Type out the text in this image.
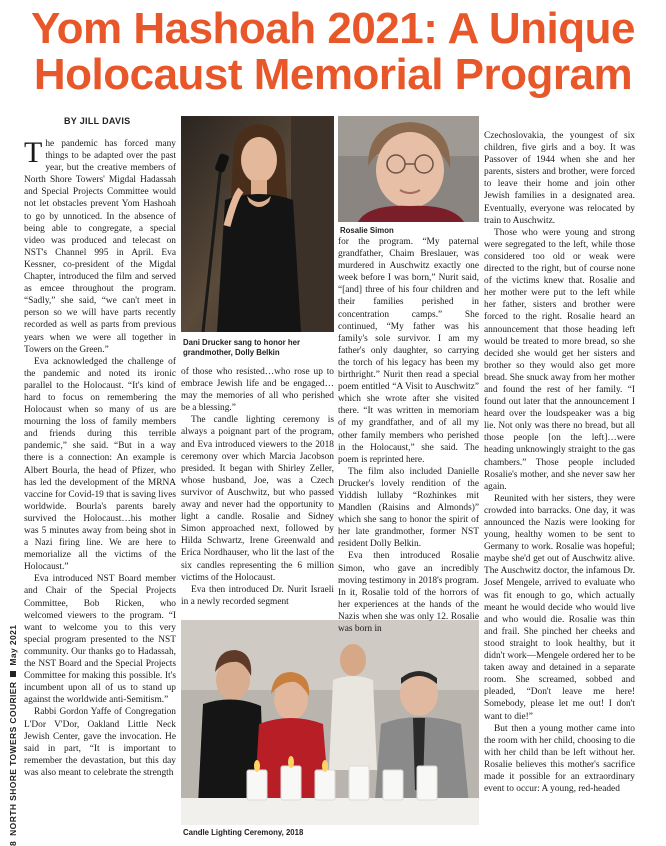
Yom Hashoah 2021: A Unique
Holocaust Memorial Program
BY JILL DAVIS
8
NORTH SHORE TOWERS COURIER
May 2021
Dani Drucker sang to honor her grandmother, Dolly Belkin
Rosalie Simon
Candle Lighting Ceremony, 2018

The pandemic has forced many things to be adapted over the past year, but the creative members of North Shore Towers' Migdal Hadassah and Special Projects Committee would not let obstacles prevent Yom Hashoah to go by unnoticed. In the absence of being able to congregate, a special video was produced and telecast on NST's Channel 995 in April. Eva Kessner, co-president of the Migdal Chapter, introduced the film and served as emcee throughout the program. “Sadly,” she said, “we can't meet in person so we will have parts recently recorded as well as parts from previous years when we were all together in Towers on the Green.”

Eva acknowledged the challenge of the pandemic and noted its ironic parallel to the Holocaust. “It's kind of hard to focus on remembering the Holocaust when so many of us are mourning the loss of family members and friends during this terrible pandemic,” she said. “But in a way there is a connection: An example is Albert Bourla, the head of Pfizer, who has led the development of the MRNA vaccine for Covid-19 that is saving lives worldwide. Bourla's parents barely survived the Holocaust…his mother was 5 minutes away from being shot in a Nazi firing line. We are here to memorialize all the victims of the Holocaust.”

Eva introduced NST Board member and Chair of the Special Projects Committee, Bob Ricken, who welcomed viewers to the program. “I want to welcome you to this very special program presented to the NST community. Our thanks go to Hadassah, the NST Board and the Special Projects Committee for making this possible. It's incumbent upon all of us to stand up against the worldwide anti-Semitism.”

Rabbi Gordon Yaffe of Congregation L'Dor V'Dor, Oakland Little Neck Jewish Center, gave the invocation. He said in part, “It is important to remember the devastation, but this day was also meant to celebrate the strength

of those who resisted…who rose up to embrace Jewish life and be engaged…may the memories of all who perished be a blessing.”

The candle lighting ceremony is always a poignant part of the program, and Eva introduced viewers to the 2018 ceremony over which Marcia Jacobson presided. It began with Shirley Zeller, whose husband, Joe, was a Czech survivor of Auschwitz, but who passed away and never had the opportunity to light a candle. Rosalie and Sidney Simon approached next, followed by Hilda Schwartz, Irene Greenwald and Erica Nordhauser, who lit the last of the six candles representing the 6 million victims of the Holocaust.

Eva then introduced Dr. Nurit Israeli in a newly recorded segment

for the program. “My paternal grandfather, Chaim Breslauer, was murdered in Auschwitz exactly one week before I was born,” Nurit said, “[and] three of his four children and their families perished in concentration camps.” She continued, “My father was his family's sole survivor. I am my father's only daughter, so carrying the torch of his legacy has been my birthright.” Nurit then read a special poem entitled “A Visit to Auschwitz” which she wrote after she visited there. “It was written in memoriam of my grandfather, and of all my other family members who perished in the Holocaust,” she said. The poem is reprinted here.

The film also included Danielle Drucker's lovely rendition of the Yiddish lullaby “Rozhinkes mit Mandlen (Raisins and Almonds)” which she sang to honor the spirit of her late grandmother, former NST resident Dolly Belkin.

Eva then introduced Rosalie Simon, who gave an incredibly moving testimony in 2018's program. In it, Rosalie told of the horrors of her experiences at the hands of the Nazis when she was only 12. Rosalie was born in

Czechoslovakia, the youngest of six children, five girls and a boy. It was Passover of 1944 when she and her parents, sisters and brother, were forced to leave their home and join other Jewish families in a designated area. Eventually, everyone was relocated by train to Auschwitz.

Those who were young and strong were segregated to the left, while those considered too old or weak were directed to the right, but of course none of the victims knew that. Rosalie and her mother were put to the left while her father, sisters and brother were forced to the right. Rosalie heard an announcement that those heading left would be treated to more bread, so she decided she would get her sisters and brother so they would also get more bread. She snuck away from her mother and found the rest of her family. “I found out later that the announcement I heard over the loudspeaker was a big lie. Not only was there no bread, but all those people [on the left]…were heading unknowingly straight to the gas chambers.” Those people included Rosalie's mother, and she never saw her again.

Reunited with her sisters, they were crowded into barracks. One day, it was announced the Nazis were looking for young, healthy women to be sent to Germany to work. Rosalie was hopeful; maybe she'd get out of Auschwitz alive. The Auschwitz doctor, the infamous Dr. Josef Mengele, arrived to evaluate who was fit enough to go, which actually meant he would decide who would live and who would die. Rosalie was thin and frail. She pinched her cheeks and stood straight to look healthy, but it didn't work—Mengele ordered her to be taken away and detained in a separate room. She screamed, sobbed and pleaded, “Don't leave me here! Somebody, please let me out! I don't want to die!”

But then a young mother came into the room with her child, choosing to die with her child than be left without her. Rosalie believes this mother's sacrifice made it possible for an extraordinary event to occur: A young, red-headed
